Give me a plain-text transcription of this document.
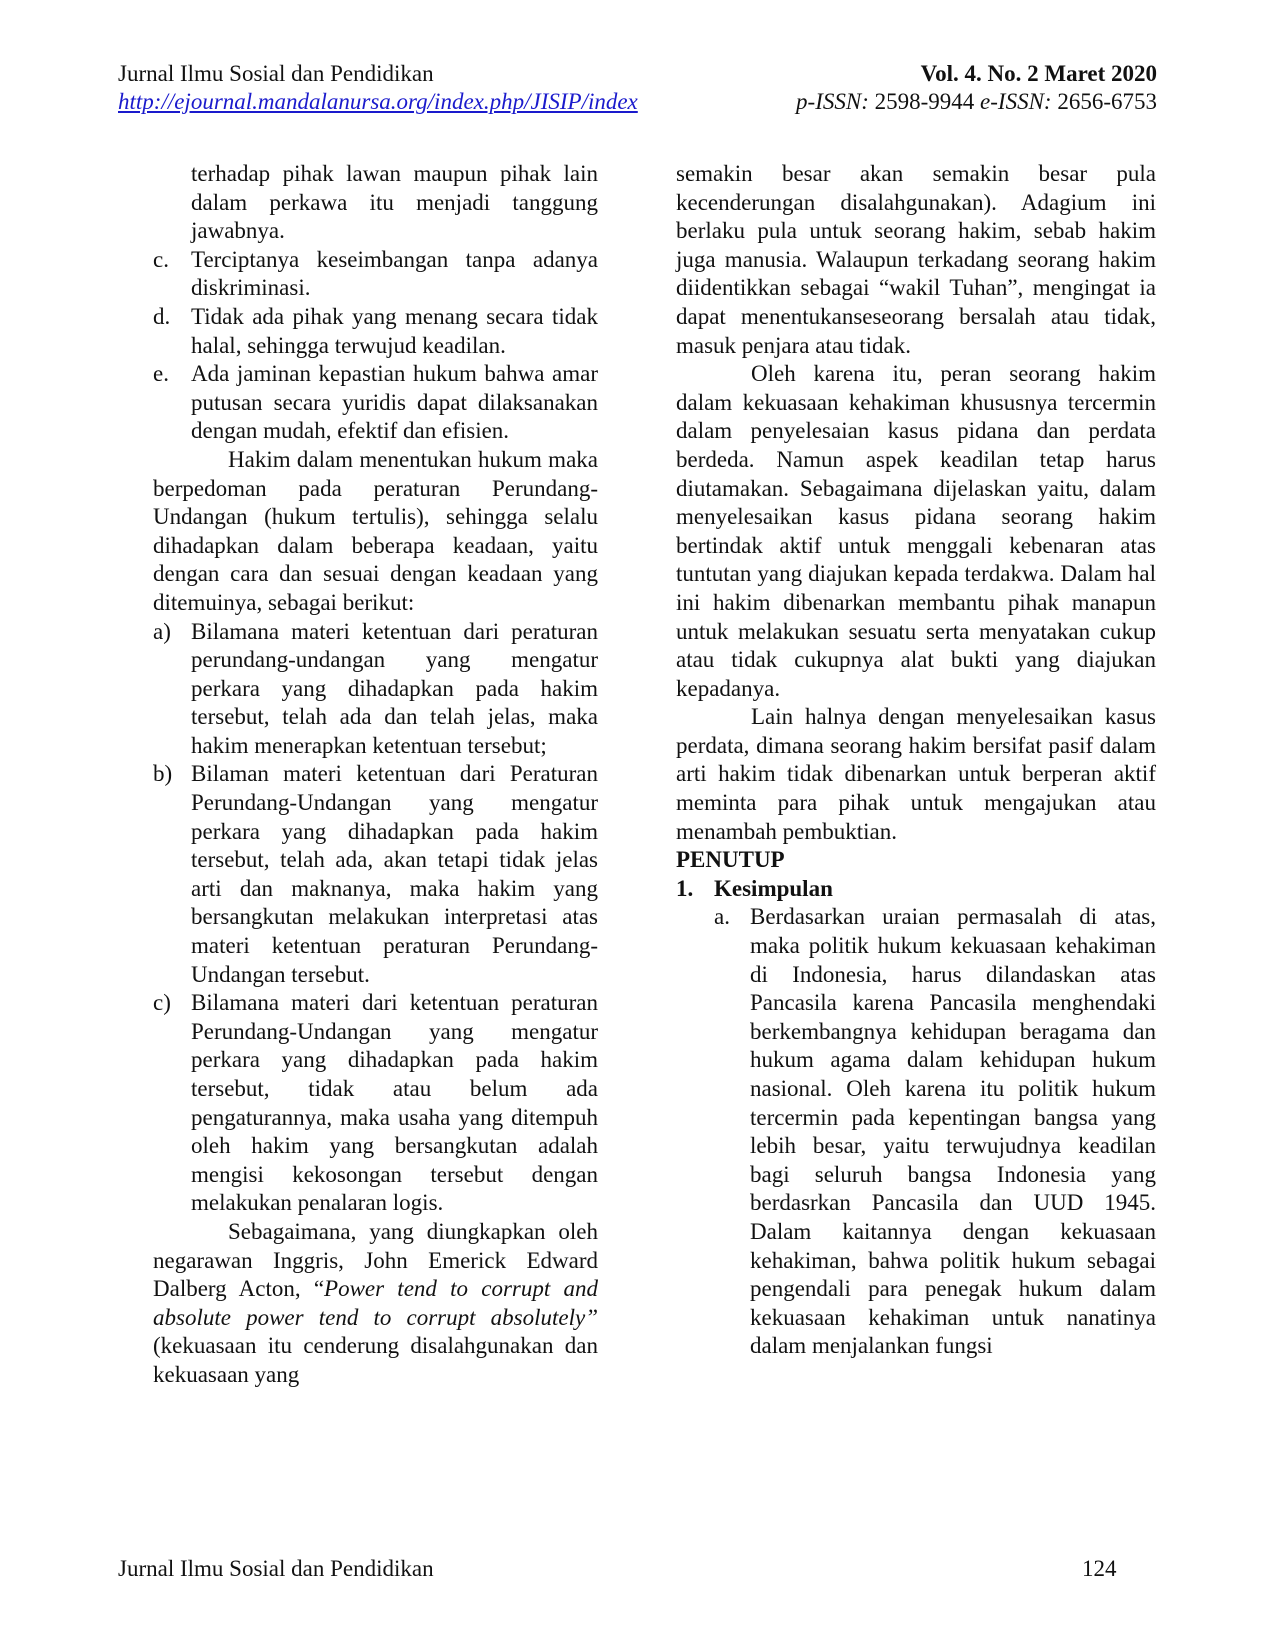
Jurnal Ilmu Sosial dan Pendidikan
http://ejournal.mandalanursa.org/index.php/JISIP/index
Vol. 4. No. 2 Maret 2020
p-ISSN: 2598-9944 e-ISSN: 2656-6753
terhadap pihak lawan maupun pihak lain dalam perkawa itu menjadi tanggung jawabnya.
c. Terciptanya keseimbangan tanpa adanya diskriminasi.
d. Tidak ada pihak yang menang secara tidak halal, sehingga terwujud keadilan.
e. Ada jaminan kepastian hukum bahwa amar putusan secara yuridis dapat dilaksanakan dengan mudah, efektif dan efisien.

Hakim dalam menentukan hukum maka berpedoman pada peraturan Perundang-Undangan (hukum tertulis), sehingga selalu dihadapkan dalam beberapa keadaan, yaitu dengan cara dan sesuai dengan keadaan yang ditemuinya, sebagai berikut:

a) Bilamana materi ketentuan dari peraturan perundang-undangan yang mengatur perkara yang dihadapkan pada hakim tersebut, telah ada dan telah jelas, maka hakim menerapkan ketentuan tersebut;
b) Bilaman materi ketentuan dari Peraturan Perundang-Undangan yang mengatur perkara yang dihadapkan pada hakim tersebut, telah ada, akan tetapi tidak jelas arti dan maknanya, maka hakim yang bersangkutan melakukan interpretasi atas materi ketentuan peraturan Perundang-Undangan tersebut.
c) Bilamana materi dari ketentuan peraturan Perundang-Undangan yang mengatur perkara yang dihadapkan pada hakim tersebut, tidak atau belum ada pengaturannya, maka usaha yang ditempuh oleh hakim yang bersangkutan adalah mengisi kekosongan tersebut dengan melakukan penalaran logis.

Sebagaimana, yang diungkapkan oleh negarawan Inggris, John Emerick Edward Dalberg Acton, “Power tend to corrupt and absolute power tend to corrupt absolutely” (kekuasaan itu cenderung disalahgunakan dan kekuasaan yang

semakin besar akan semakin besar pula kecenderungan disalahgunakan). Adagium ini berlaku pula untuk seorang hakim, sebab hakim juga manusia. Walaupun terkadang seorang hakim diidentikkan sebagai “wakil Tuhan”, mengingat ia dapat menentukanseseorang bersalah atau tidak, masuk penjara atau tidak.

Oleh karena itu, peran seorang hakim dalam kekuasaan kehakiman khususnya tercermin dalam penyelesaian kasus pidana dan perdata berdeda. Namun aspek keadilan tetap harus diutamakan. Sebagaimana dijelaskan yaitu, dalam menyelesaikan kasus pidana seorang hakim bertindak aktif untuk menggali kebenaran atas tuntutan yang diajukan kepada terdakwa. Dalam hal ini hakim dibenarkan membantu pihak manapun untuk melakukan sesuatu serta menyatakan cukup atau tidak cukupnya alat bukti yang diajukan kepadanya.

Lain halnya dengan menyelesaikan kasus perdata, dimana seorang hakim bersifat pasif dalam arti hakim tidak dibenarkan untuk berperan aktif meminta para pihak untuk mengajukan atau menambah pembuktian.

PENUTUP
1. Kesimpulan
a. Berdasarkan uraian permasalah di atas, maka politik hukum kekuasaan kehakiman di Indonesia, harus dilandaskan atas Pancasila karena Pancasila menghendaki berkembangnya kehidupan beragama dan hukum agama dalam kehidupan hukum nasional. Oleh karena itu politik hukum tercermin pada kepentingan bangsa yang lebih besar, yaitu terwujudnya keadilan bagi seluruh bangsa Indonesia yang berdasrkan Pancasila dan UUD 1945. Dalam kaitannya dengan kekuasaan kehakiman, bahwa politik hukum sebagai pengendali para penegak hukum dalam kekuasaan kehakiman untuk nanatinya dalam menjalankan fungsi
Jurnal Ilmu Sosial dan Pendidikan	124
